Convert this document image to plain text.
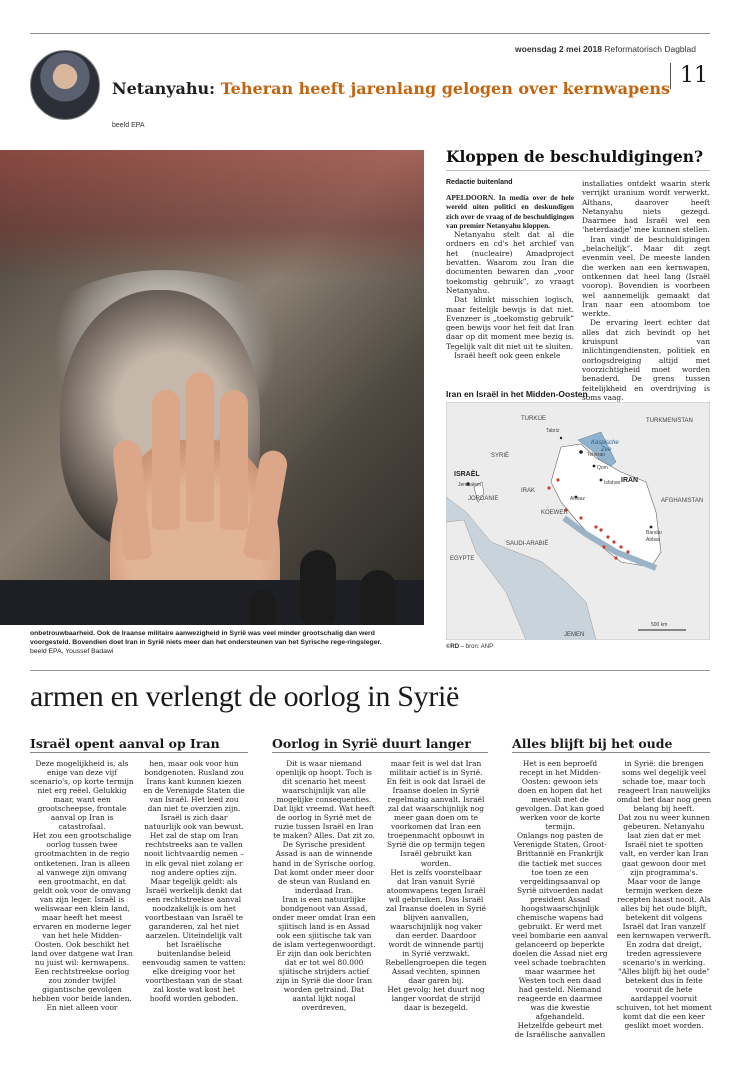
woensdag 2 mei 2018 Reformatorisch Dagblad
11
Netanyahu: Teheran heeft jarenlang gelogen over kernwapens
beeld EPA
onbetrouwbaarheid. Ook de Iraanse militaire aanwezigheid in Syrië was veel minder grootschalig dan werd voorgesteld. Bovendien doet Iran in Syrië niets meer dan het ondersteunen van het Syrische rege-ringsleger. beeld EPA, Youssef Badawi
Kloppen de beschuldigingen?
Redactie buitenland

APELDOORN. In media over de hele wereld uiten politici en deskundigen zich over de vraag of de beschuldigingen van premier Netanyahu kloppen.

Netanyahu stelt dat al die ordners en cd's het archief van het (nucleaire) Amadproject bevatten. Waarom zou Iran die documenten bewaren dan „voor toekomstig gebruik”, zo vraagt Netanyahu.

Dat klinkt misschien logisch, maar feitelijk bewijs is dat niet. Evenzeer is „toekomstig gebruik” geen bewijs voor het feit dat Iran daar op dit moment mee bezig is. Tegelijk valt dit niet uit te sluiten.

Israël heeft ook geen enkele

installaties ontdekt waarin sterk verrijkt uranium wordt verwerkt. Althans, daarover heeft Netanyahu niets gezegd. Daarmee had Israël wel een ‘heterdaadje’ mee kunnen stellen.

Iran vindt de beschuldigingen „belachelijk”. Maar dit zegt evenmin veel. De meeste landen die werken aan een kernwapen, ontkennen dat heel lang (Israël voorop). Bovendien is voorbeen wel aannemelijk gemaakt dat Iran naar een atoombom toe werkte.

De ervaring leert echter dat alles dat zich bevindt op het kruispunt van inlichtingendiensten, politiek en oorlogsdreiging altijd met voorzichtigheid moet worden benaderd. De grens tussen feitelijkheid en overdrijving is soms vaag.

Iran en Israël in het Midden-Oosten
TURKIJE	TURKMENISTAN
Kaspische
Zee
Tabriz
Teheran
Qom
IRAN
Isfahan
ISRAËL
Jeruzalem
IRAK
SYRIË
JORDANIE	AFGHANISTAN
Ahwaz
KOEWEIT
Bandar
Abbas
SAUDI-ARABIË
EGYPTE
JEMEN
500 km
©RD – bron: ANP
armen en verlengt de oorlog in Syrië
Israël opent aanval op Iran

Deze mogelijkheid is, als enige van deze vijf scenario's, op korte termijn niet erg reëel. Gelukkig maar, want een grootscheepse, frontale aanval op Iran is catastrofaal.
Het zou een grootschalige oorlog tussen twee grootmachten in de regio ontketenen. Iran is alleen al vanwege zijn omvang een grootmacht, en dat geldt ook voor de omvang van zijn leger. Israël is weliswaar een klein land, maar heeft het meest ervaren en moderne leger van het hele Midden-Oosten. Ook beschikt het land over datgene wat Iran nu juist wil: kernwapens. Een rechtstreekse oorlog zou zonder twijfel gigantische gevolgen hebben voor beide landen.
En niet alleen voor

hen, maar ook voor hun bondgenoten. Rusland zou Irans kant kunnen kiezen en de Verenigde Staten die van Israël. Het leed zou dan niet te overzien zijn.
Israël is zich daar natuurlijk ook van bewust. Het zal de stap om Iran rechtstreeks aan te vallen nooit lichtvaardig nemen – in elk geval niet zolang er nog andere opties zijn.
Maar tegelijk geldt: als Israël werkelijk denkt dat een rechtstreekse aanval noodzakelijk is om het voortbestaan van Israël te garanderen, zal het niet aarzelen. Uiteindelijk valt het Israëlische buitenlandse beleid eenvoudig samen te vatten: elke dreiging voor het voortbestaan van de staat zal koste wat kost het hoofd worden geboden.

Oorlog in Syrië duurt langer

Dit is waar niemand openlijk op hoopt. Toch is dit scenario het meest waarschijnlijk van alle mogelijke consequenties.
Dat lijkt vreemd. Wat heeft de oorlog in Syrië met de ruzie tussen Israël en Iran te maken? Alles. Dat zit zo. De Syrische president Assad is aan de winnende hand in de Syrische oorlog. Dat komt onder meer door de steun van Rusland en inderdaad Iran.
Iran is een natuurlijke bondgenoot van Assad, onder meer omdat Iran een sjiitisch land is en Assad ook een sjiitische tak van de islam vertegenwoordigt. Er zijn dan ook berichten dat er tot wel 80.000 sjiitische strijders actief zijn in Syrië die door Iran worden getraind. Dat aantal lijkt nogal overdreven,

maar feit is wel dat Iran militair actief is in Syrië.
En feit is ook dat Israël de Iraanse doelen in Syrië regelmatig aanvalt. Israël zal dat waarschijnlijk nog meer gaan doen om te voorkomen dat Iran een troepenmacht opbouwt in Syrië die op termijn tegen Israël gebruikt kan worden.
Het is zelfs voorstelbaar dat Iran vanuit Syrië atoomwapens tegen Israël wil gebruiken. Dus Israël zal Iraanse doelen in Syrië blijven aanvallen, waarschijnlijk nog vaker dan eerder. Daardoor wordt de winnende partij in Syrië verzwakt. Rebellengroepen die tegen Assad vechten, spinnen daar garen bij.
Het gevolg: het duurt nog langer voordat de strijd daar is bezegeld.

Alles blijft bij het oude

Het is een beproefd recept in het Midden-Oosten: gewoon iets doen en hopen dat het meevalt met de gevolgen. Dat kan goed werken voor de korte termijn.
Onlangs nog pasten de Verenigde Staten, Groot-Brittannië en Frankrijk die tactiek met succes toe toen ze een vergeldingsaanval op Syrië uitvoerden nadat president Assad hoogstwaarschijnlijk chemische wapens had gebruikt. Er werd met veel bombarie een aanval gelanceerd op beperkte doelen die Assad niet erg veel schade toebrachten maar waarmee het Westen toch een daad had gesteld. Niemand reageerde en daarmee was die kwestie afgehandeld.
Hetzelfde gebeurt met de Israëlische aanvallen

in Syrië: die brengen soms wel degelijk veel schade toe, maar toch reageert Iran nauwelijks omdat het daar nog geen belang bij heeft.
Dat zou nu weer kunnen gebeuren. Netanyahu laat zien dat er met Israël niet te spotten valt, en verder kan Iran gaat gewoon door met zijn programma's.
Maar voor de lange termijn werken deze recepten haast nooit. Als alles bij het oude blijft, betekent dit volgens Israël dat Iran vanzelf een kernwapen verwerft. En zodra dat dreigt, treden agressievere scenario's in werking. "Alles blijft bij het oude" betekent dus in feite vooruit de hete aardappel vooruit schuiven, tot het moment komt dat die een keer geslikt moet worden.
